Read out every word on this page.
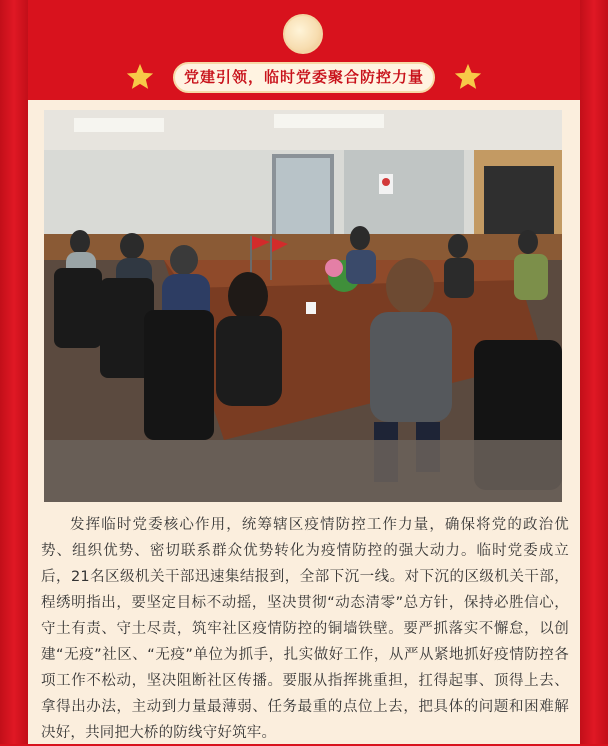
党建引领，临时党委聚合防控力量

发挥临时党委核心作用，统筹辖区疫情防控工作力量，确保将党的政治优势、组织优势、密切联系群众优势转化为疫情防控的强大动力。临时党委成立后，21名区级机关干部迅速集结报到，全部下沉一线。对下沉的区级机关干部，程绣明指出，要坚定目标不动摇，坚决贯彻“动态清零”总方针，保持必胜信心，守土有责、守土尽责，筑牢社区疫情防控的铜墙铁壁。要严抓落实不懈怠，以创建“无疫”社区、“无疫”单位为抓手，扎实做好工作，从严从紧地抓好疫情防控各项工作不松动，坚决阻断社区传播。要服从指挥挑重担，扛得起事、顶得上去、拿得出办法，主动到力量最薄弱、任务最重的点位上去，把具体的问题和困难解决好，共同把大桥的防线守好筑牢。
